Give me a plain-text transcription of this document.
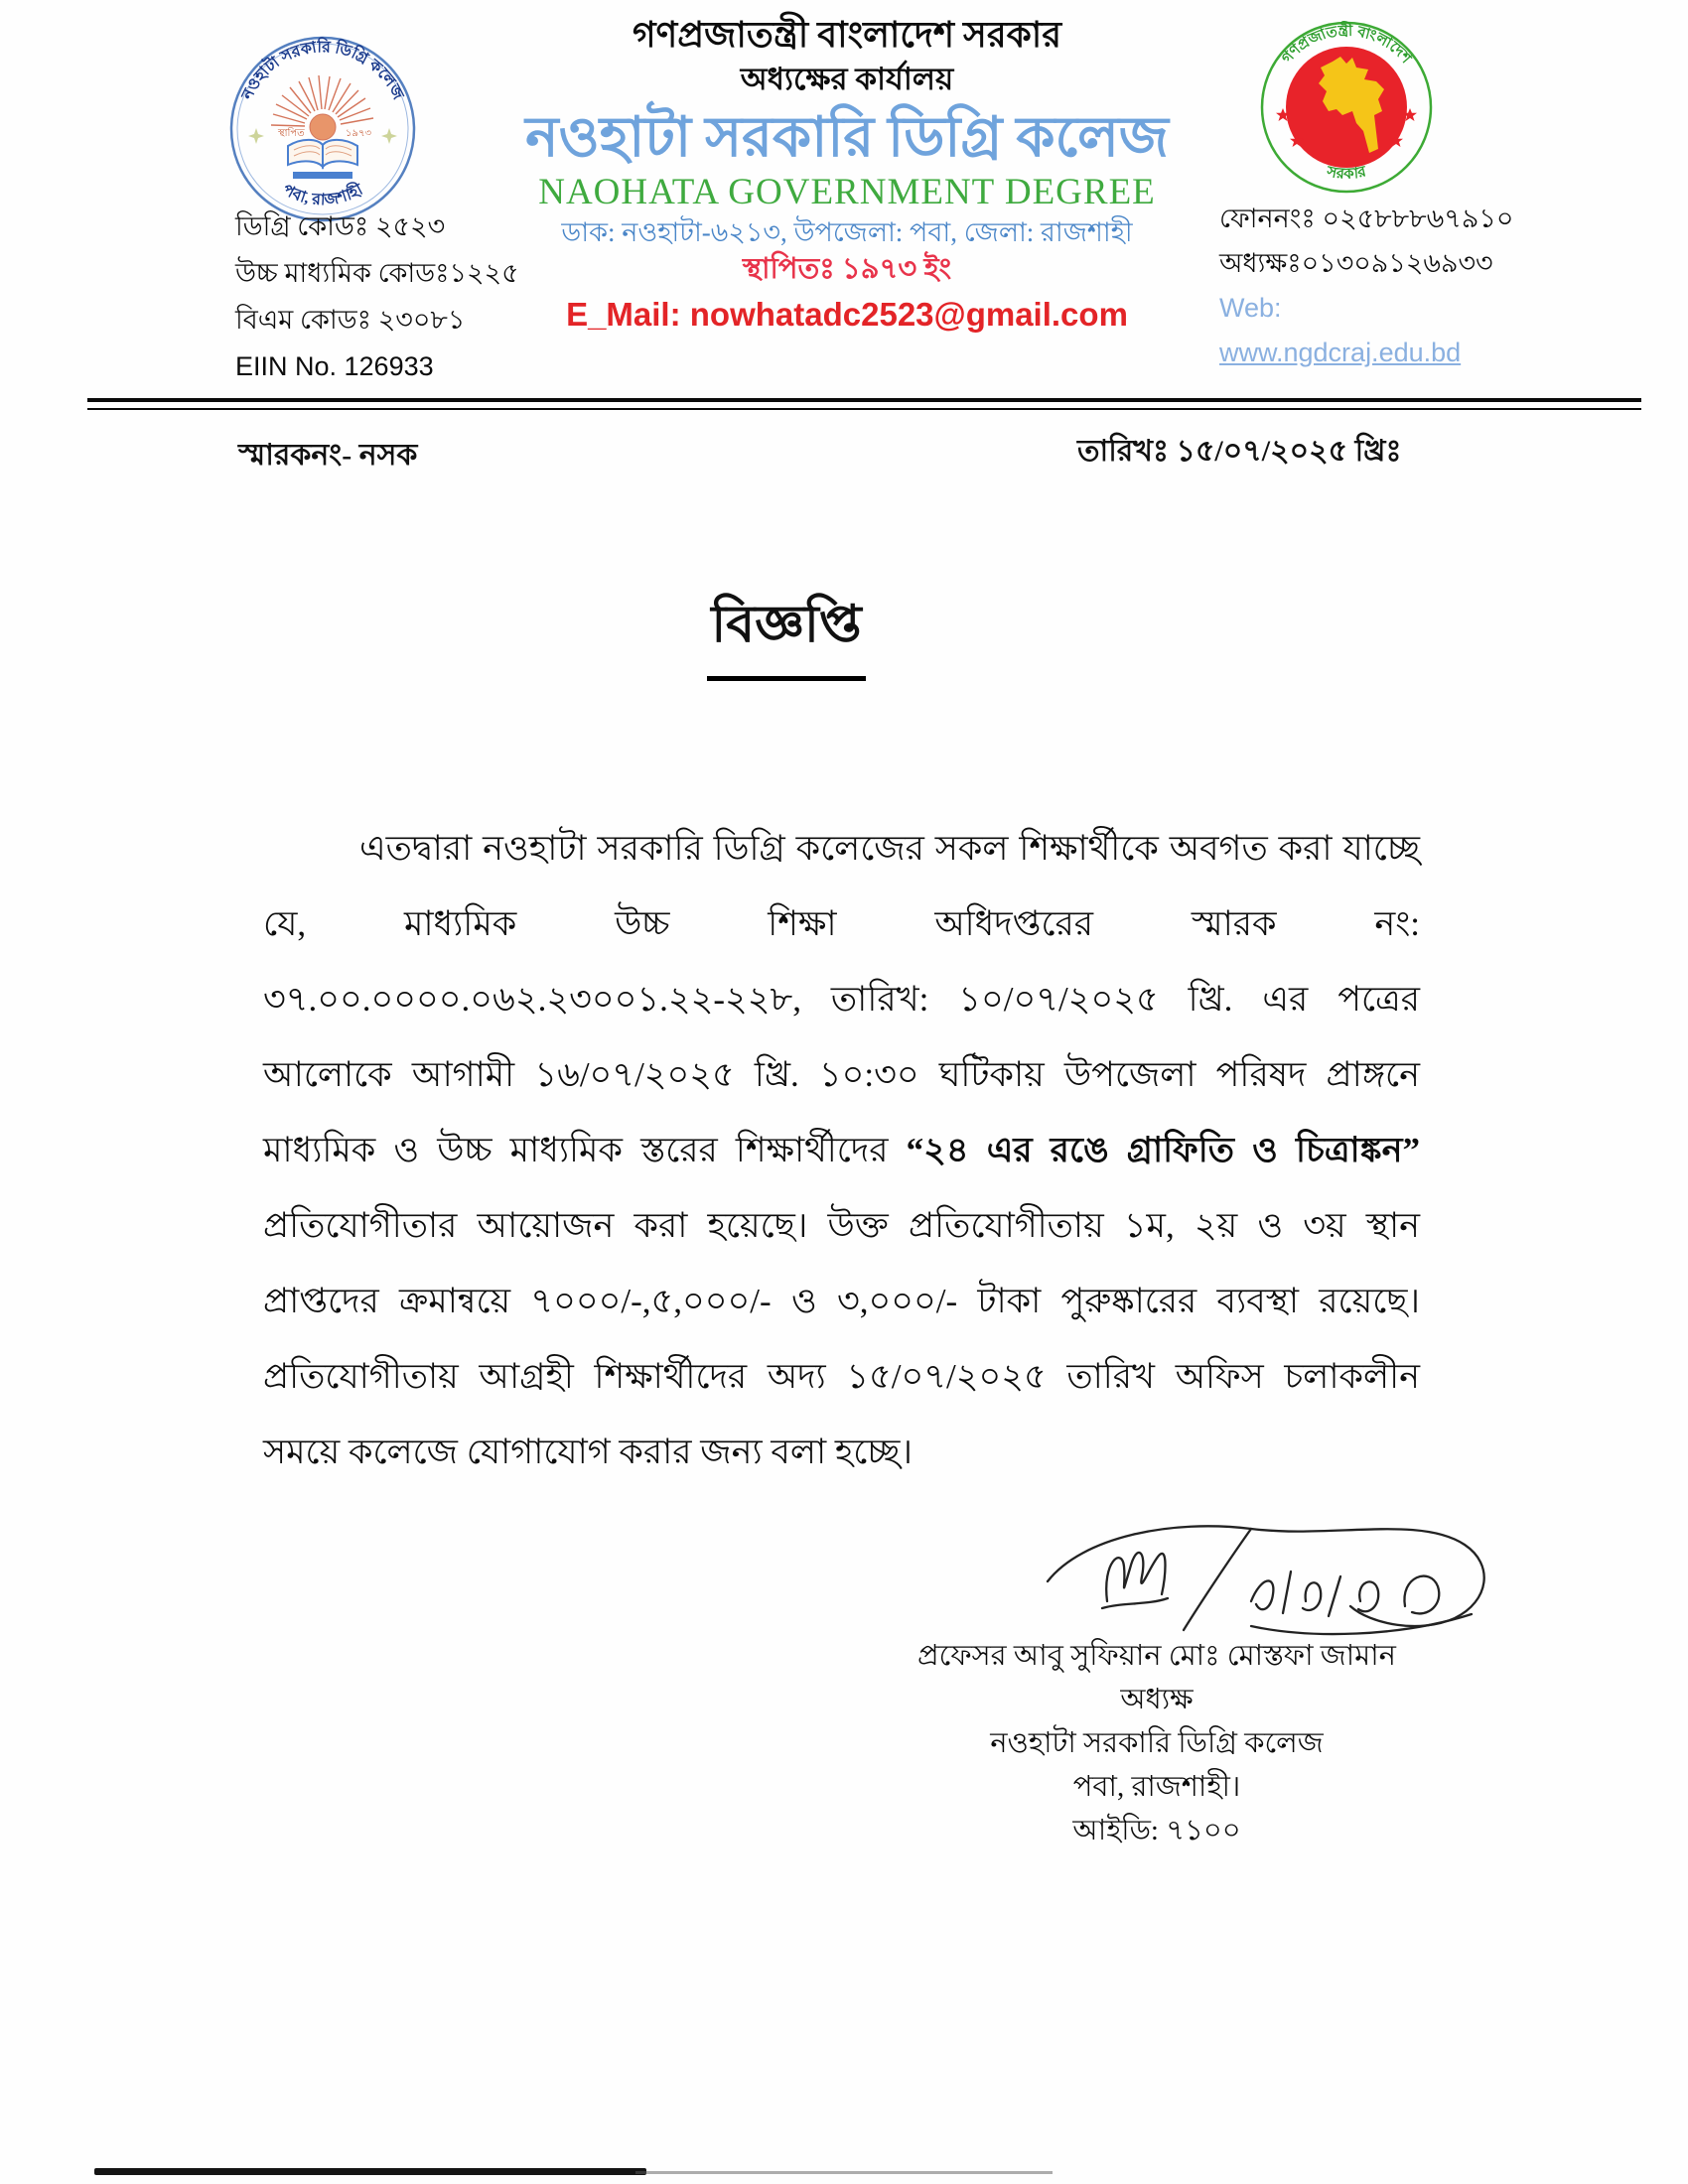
নওহাটা সরকারি ডিগ্রি কলেজ
পবা, রাজশাহী
স্থাপিত	১৯৭৩
গণপ্রজাতন্ত্রী বাংলাদেশ
সরকার
গণপ্রজাতন্ত্রী বাংলাদেশ সরকার
অধ্যক্ষের কার্যালয়
নওহাটা সরকারি ডিগ্রি কলেজ
NAOHATA GOVERNMENT DEGREE
ডাক: নওহাটা-৬২১৩, উপজেলা: পবা, জেলা: রাজশাহী
স্থাপিতঃ ১৯৭৩ ইং
E_Mail: nowhatadc2523@gmail.com
ডিগ্রি কোডঃ ২৫২৩
উচ্চ মাধ্যমিক কোডঃ১২২৫
বিএম কোডঃ ২৩০৮১
EIIN No. 126933
ফোননংঃ ০২৫৮৮৮৬৭৯১০
অধ্যক্ষঃ০১৩০৯১২৬৯৩৩
Web:
www.ngdcraj.edu.bd
স্মারকনং- নসক	তারিখঃ ১৫/০৭/২০২৫ খ্রিঃ
বিজ্ঞপ্তি

এতদ্বারা নওহাটা সরকারি ডিগ্রি কলেজের সকল শিক্ষার্থীকে অবগত করা যাচ্ছে যে, মাধ্যমিক উচ্চ শিক্ষা অধিদপ্তরের স্মারক নং: ৩৭.০০.০০০০.০৬২.২৩০০১.২২-২২৮, তারিখ: ১০/০৭/২০২৫ খ্রি. এর পত্রের আলোকে আগামী ১৬/০৭/২০২৫ খ্রি. ১০:৩০ ঘটিকায় উপজেলা পরিষদ প্রাঙ্গনে মাধ্যমিক ও উচ্চ মাধ্যমিক স্তরের শিক্ষার্থীদের “২৪ এর রঙে গ্রাফিতি ও চিত্রাঙ্কন” প্রতিযোগীতার আয়োজন করা হয়েছে। উক্ত প্রতিযোগীতায় ১ম, ২য় ও ৩য় স্থান প্রাপ্তদের ক্রমান্বয়ে ৭০০০/-,৫,০০০/- ও ৩,০০০/- টাকা পুরুষ্কারের ব্যবস্থা রয়েছে। প্রতিযোগীতায় আগ্রহী শিক্ষার্থীদের অদ্য ১৫/০৭/২০২৫ তারিখ অফিস চলাকলীন সময়ে কলেজে যোগাযোগ করার জন্য বলা হচ্ছে।

প্রফেসর আবু সুফিয়ান মোঃ মোস্তফা জামান
অধ্যক্ষ
নওহাটা সরকারি ডিগ্রি কলেজ
পবা, রাজশাহী।
আইডি: ৭১০০
